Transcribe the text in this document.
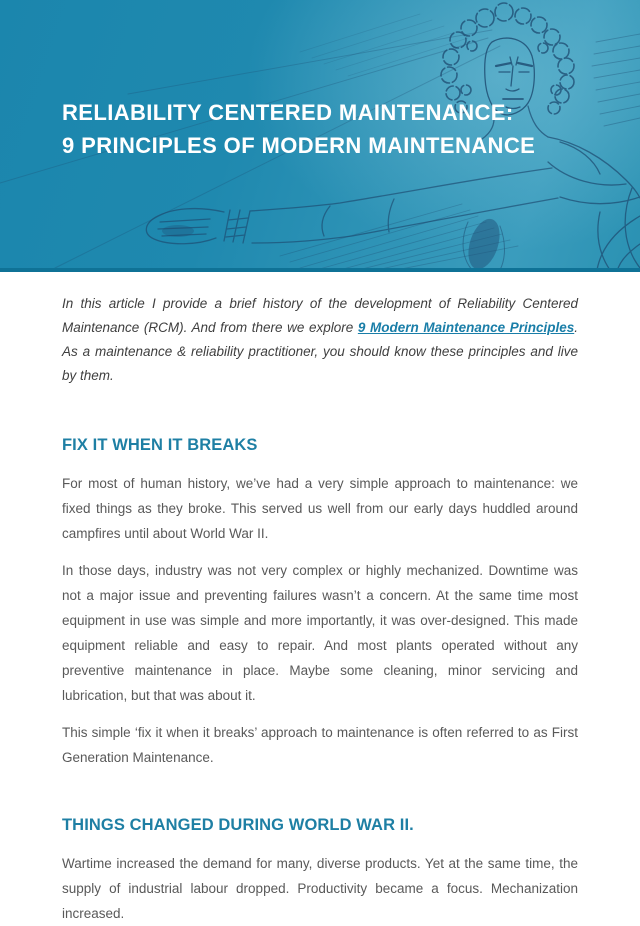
RELIABILITY CENTERED MAINTENANCE:
9 PRINCIPLES OF MODERN MAINTENANCE

In this article I provide a brief history of the development of Reliability Centered Maintenance (RCM). And from there we explore 9 Modern Maintenance Principles. As a maintenance & reliability practitioner, you should know these principles and live by them.

FIX IT WHEN IT BREAKS

For most of human history, we’ve had a very simple approach to maintenance: we fixed things as they broke. This served us well from our early days huddled around campfires until about World War II.

In those days, industry was not very complex or highly mechanized. Downtime was not a major issue and preventing failures wasn’t a concern. At the same time most equipment in use was simple and more importantly, it was over-designed. This made equipment reliable and easy to repair. And most plants operated without any preventive maintenance in place. Maybe some cleaning, minor servicing and lubrication, but that was about it.

This simple ‘fix it when it breaks’ approach to maintenance is often referred to as First Generation Maintenance.

THINGS CHANGED DURING WORLD WAR II.

Wartime increased the demand for many, diverse products. Yet at the same time, the supply of industrial labour dropped. Productivity became a focus. Mechanization increased.
